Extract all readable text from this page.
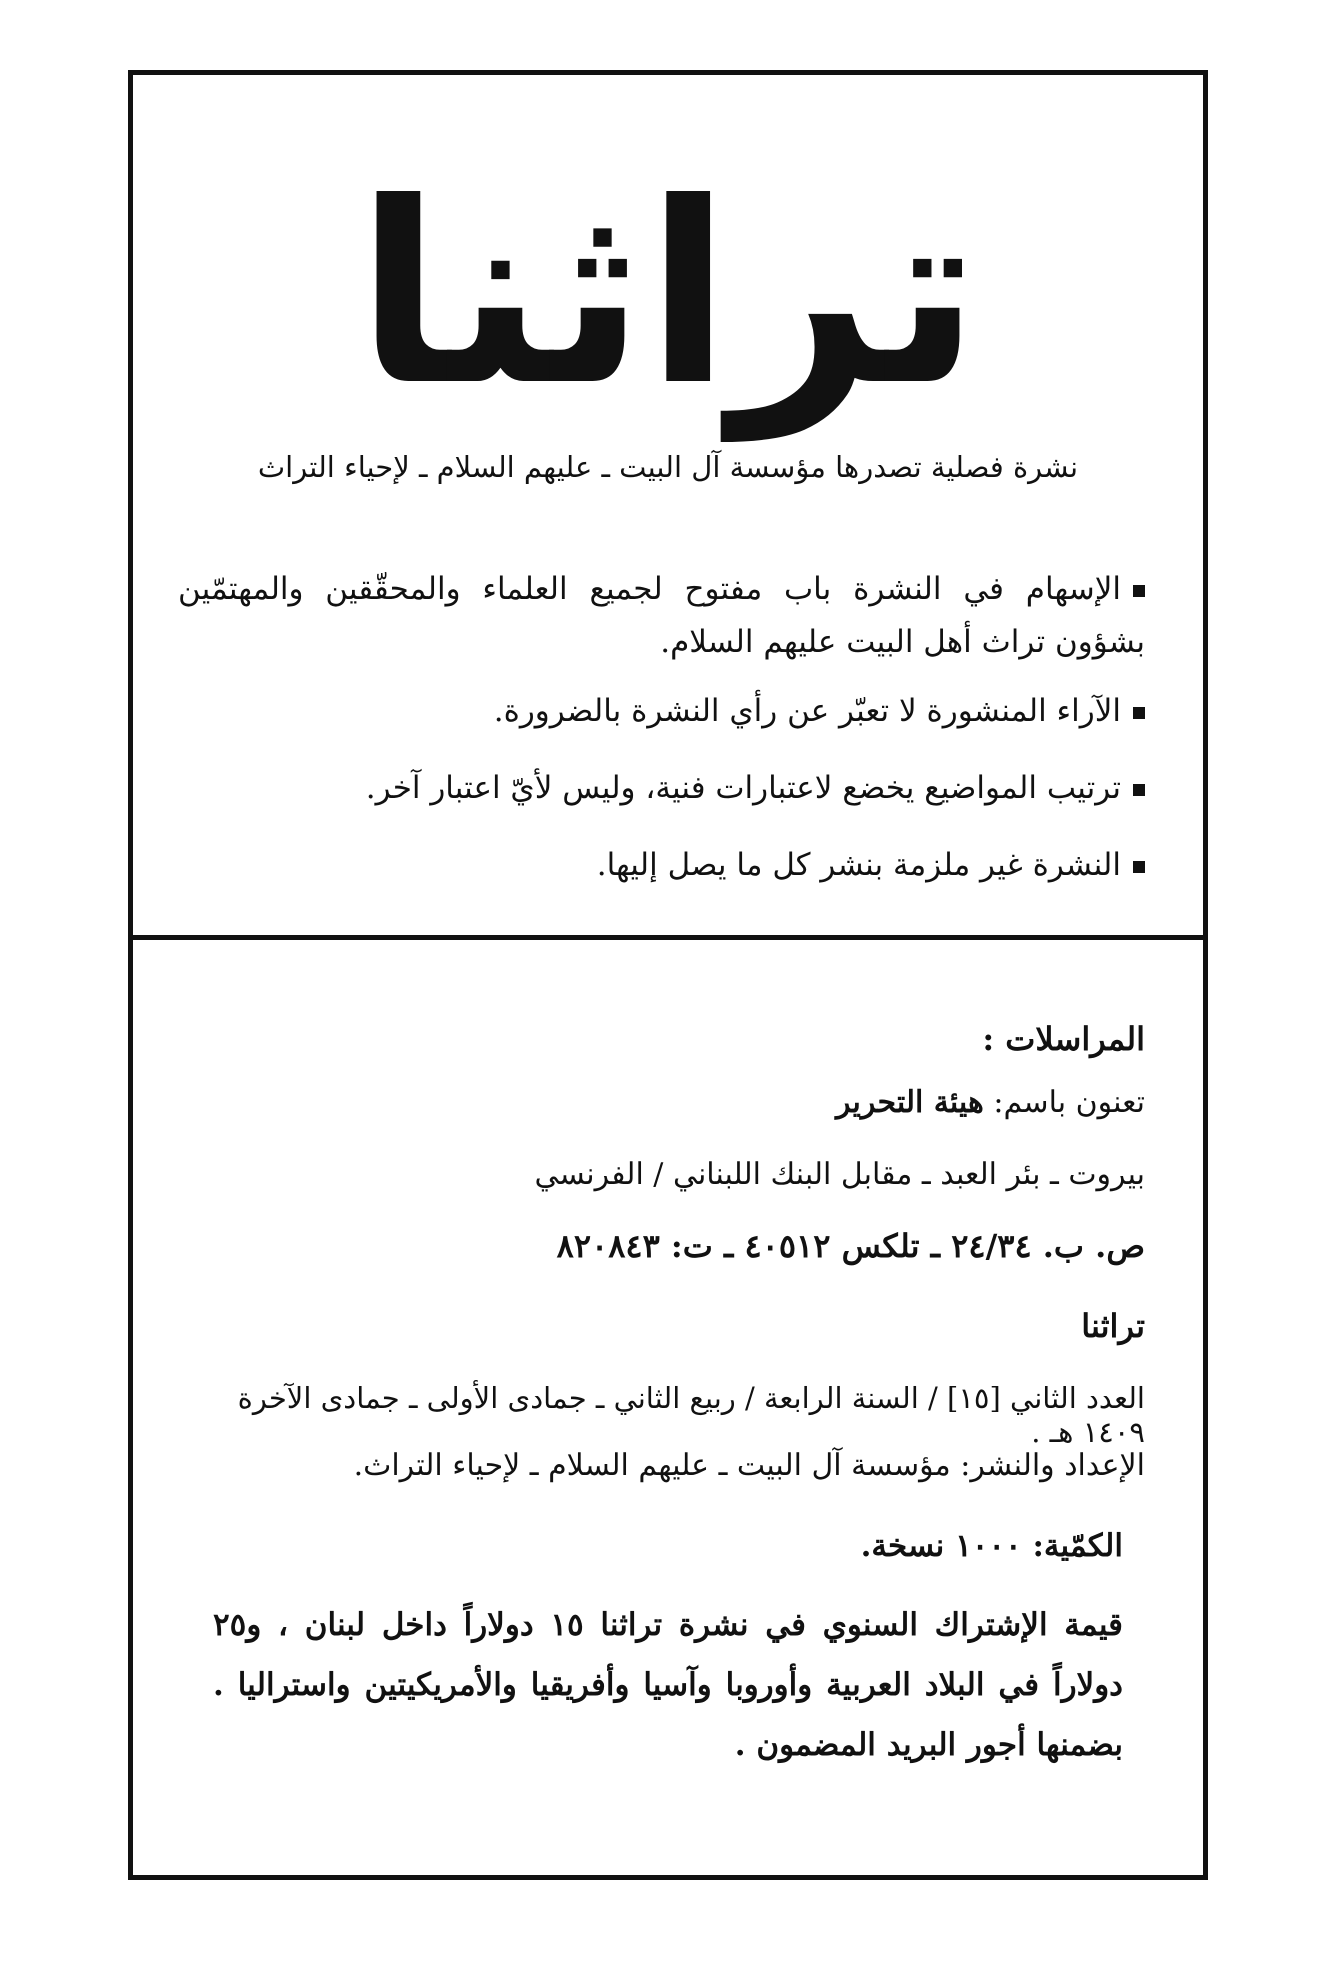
تراثنا
نشرة فصلية تصدرها مؤسسة آل البيت ـ عليهم السلام ـ لإحياء التراث
الإسهام في النشرة باب مفتوح لجميع العلماء والمحقّقين والمهتمّين بشؤون تراث أهل البيت عليهم السلام.
الآراء المنشورة لا تعبّر عن رأي النشرة بالضرورة.
ترتيب المواضيع يخضع لاعتبارات فنية، وليس لأيّ اعتبار آخر.
النشرة غير ملزمة بنشر كل ما يصل إليها.
المراسلات :
تعنون باسم: هيئة التحرير
بيروت ـ بئر العبد ـ مقابل البنك اللبناني / الفرنسي
ص. ب. ٢٤/٣٤ ـ تلكس ٤٠٥١٢ ـ ت: ٨٢٠٨٤٣
تراثنا
العدد الثاني [١٥] / السنة الرابعة / ربيع الثاني ـ جمادى الأولى ـ جمادى الآخرة ١٤٠٩ هـ .
الإعداد والنشر: مؤسسة آل البيت ـ عليهم السلام ـ لإحياء التراث.
الكمّية: ١٠٠٠ نسخة.
قيمة الإشتراك السنوي في نشرة تراثنا ١٥ دولاراً داخل لبنان ، و٢٥ دولاراً في البلاد العربية وأوروبا وآسيا وأفريقيا والأمريكيتين واستراليا . بضمنها أجور البريد المضمون .
